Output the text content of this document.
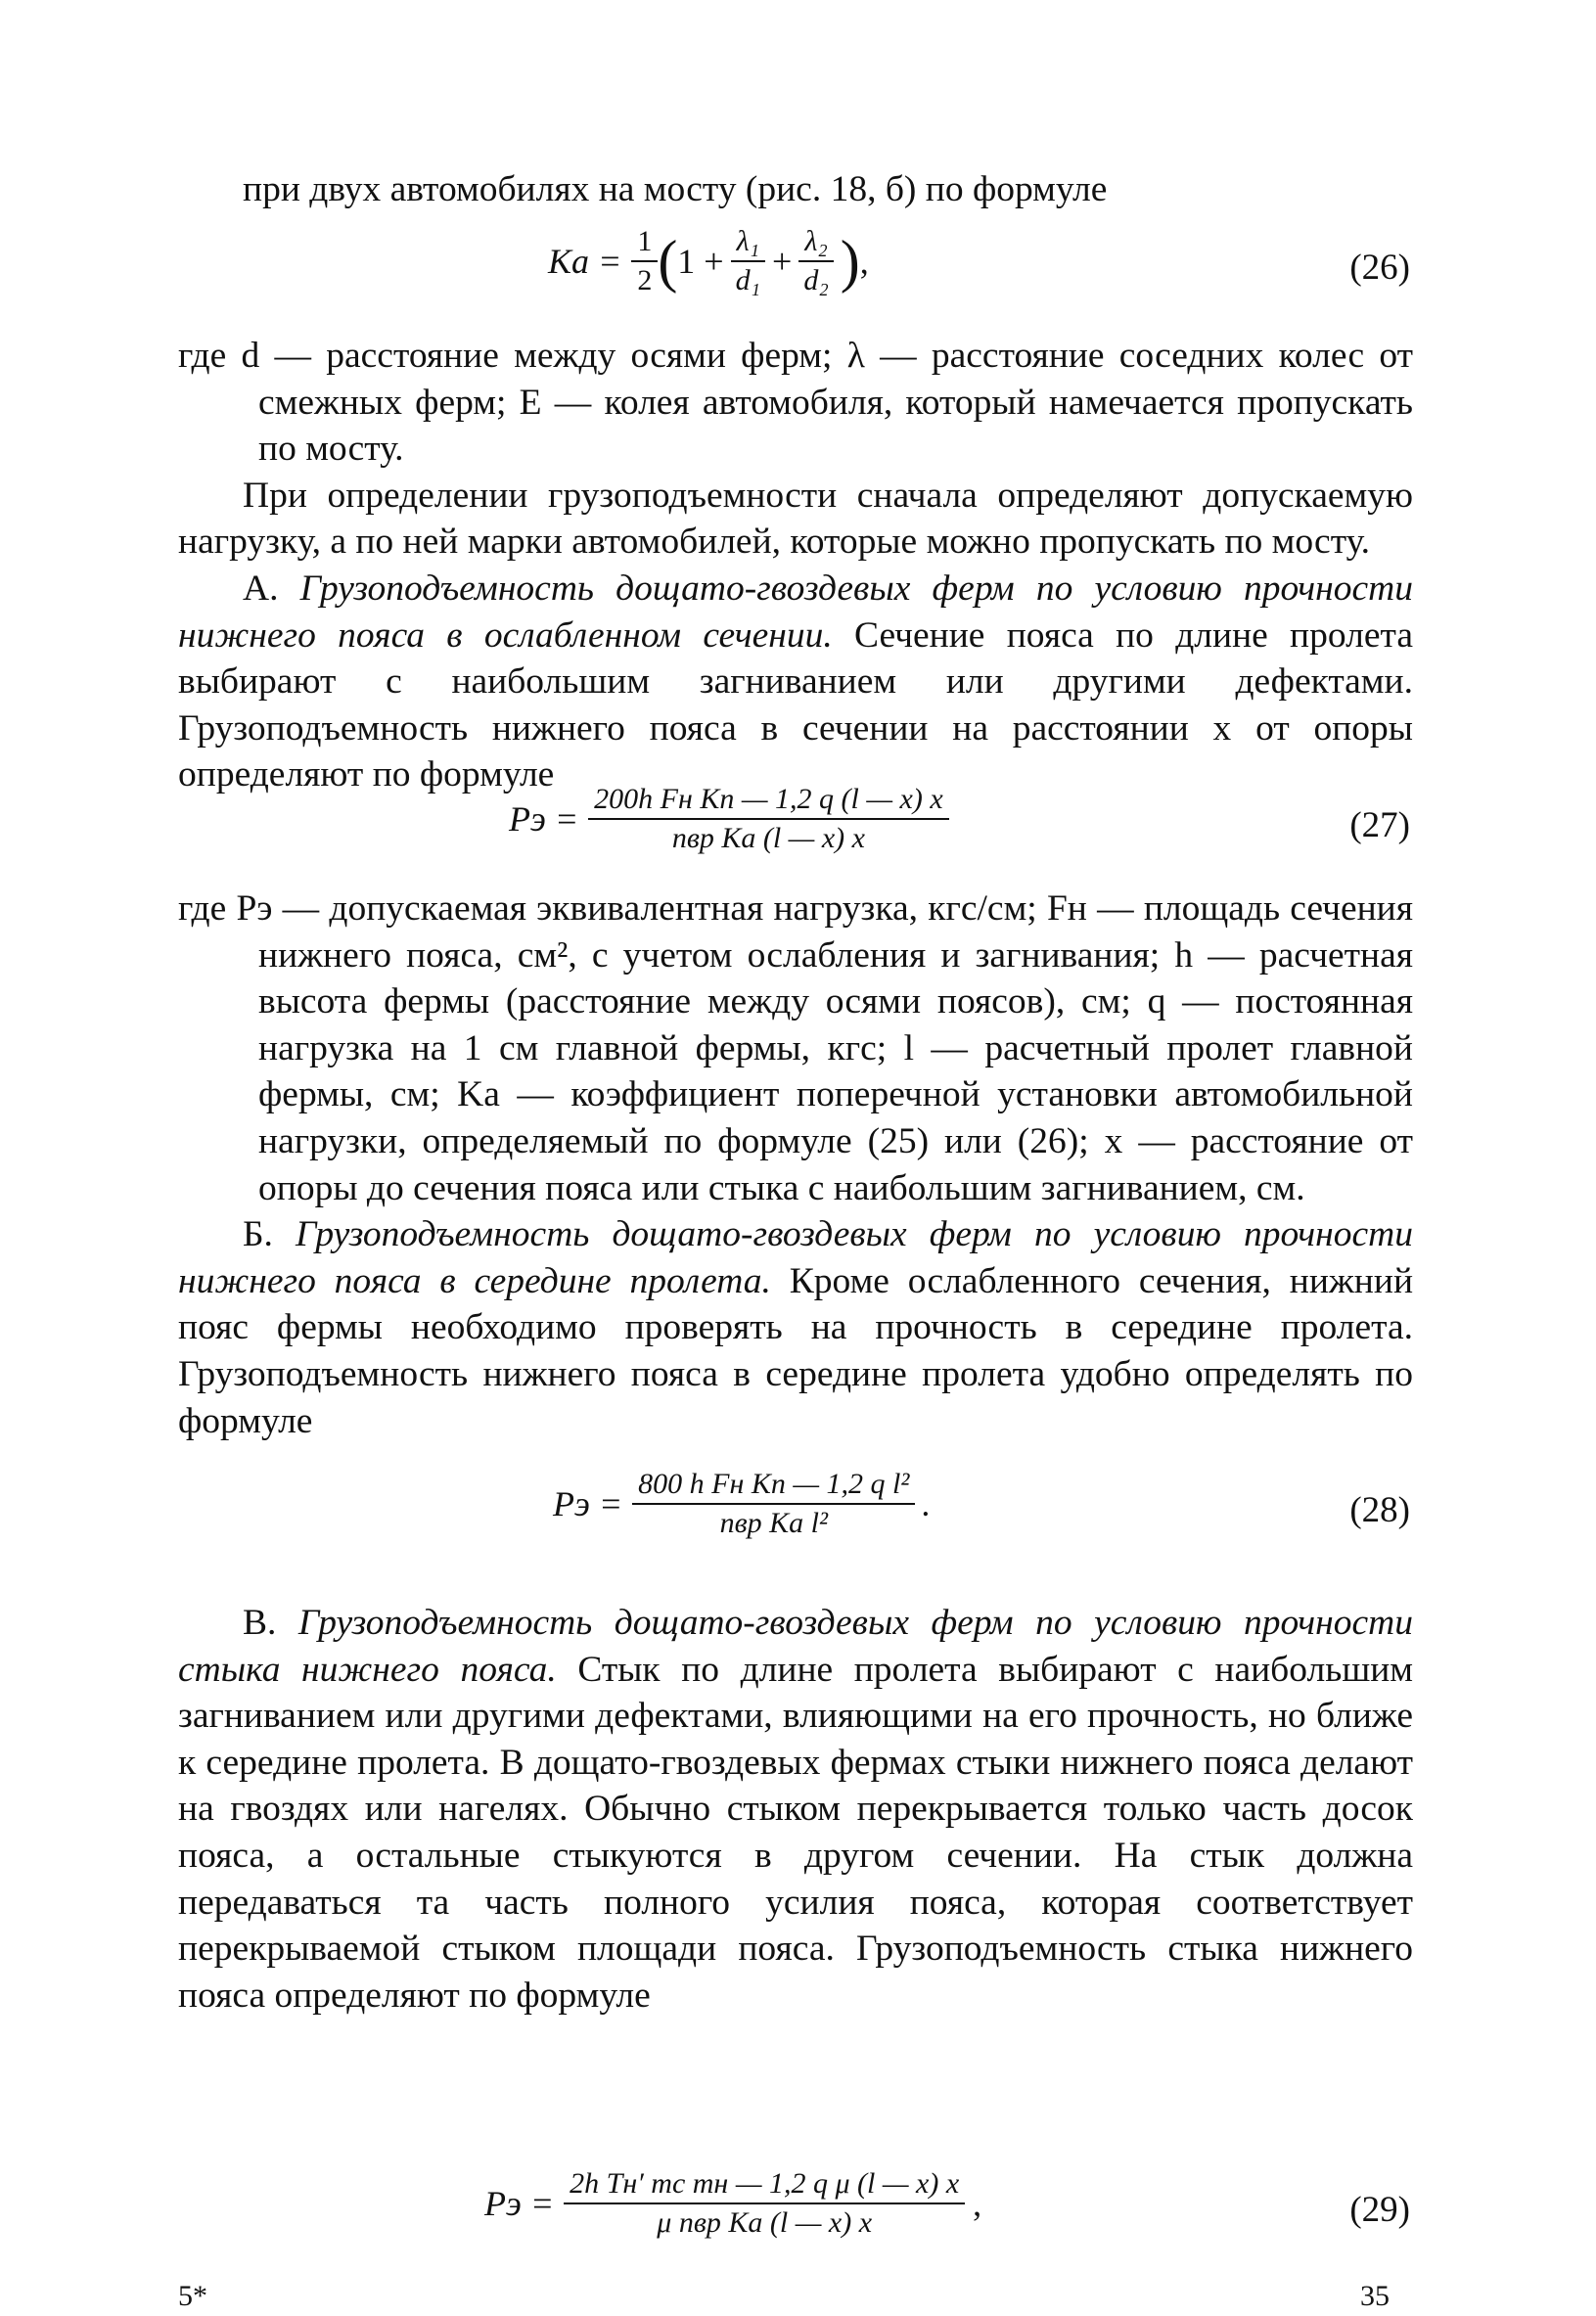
при двух автомобилях на мосту (рис. 18, б) по формуле

Kа = $\frac{1}{2}$ ( $1 + \frac{\text{λ₁}}{\text{d₁}} + \frac{\text{λ₂}}{\text{d₂}}$ ) ,	(26)

где d — расстояние между осями ферм; λ — расстояние соседних колес от смежных ферм; Е — колея автомобиля, который намечается пропускать по мосту.

При определении грузоподъемности сначала определяют допускаемую нагрузку, а по ней марки автомобилей, которые можно пропускать по мосту.

А. Грузоподъемность дощато-гвоздевых ферм по условию прочности нижнего пояса в ослабленном сечении. Сечение пояса по длине пролета выбирают с наибольшим загниванием или другими дефектами. Грузоподъемность нижнего пояса в сечении на расстоянии x от опоры определяют по формуле

Pэ = $\frac{\text{200h Fн Kп — 1,2 q (l — x) x}}{\text{nвр Kа (l — x) x}}$	(27)

где Pэ — допускаемая эквивалентная нагрузка, кгс/см; Fн — площадь сечения нижнего пояса, см², с учетом ослабления и загнивания; h — расчетная высота фермы (расстояние между осями поясов), см; q — постоянная нагрузка на 1 см главной фермы, кгс; l — расчетный пролет главной фермы, см; Kа — коэффициент поперечной установки автомобильной нагрузки, определяемый по формуле (25) или (26); x — расстояние от опоры до сечения пояса или стыка с наибольшим загниванием, см.

Б. Грузоподъемность дощато-гвоздевых ферм по условию прочности нижнего пояса в середине пролета. Кроме ослабленного сечения, нижний пояс фермы необходимо проверять на прочность в середине пролета. Грузоподъемность нижнего пояса в середине пролета удобно определять по формуле

Pэ = $\frac{\text{800 h Fн Kп — 1,2 q l²}}{\text{nвр Kа l²}}$ .	(28)

В. Грузоподъемность дощато-гвоздевых ферм по условию прочности стыка нижнего пояса. Стык по длине пролета выбирают с наибольшим загниванием или другими дефектами, влияющими на его прочность, но ближе к середине пролета. В дощато-гвоздевых фермах стыки нижнего пояса делают на гвоздях или нагелях. Обычно стыком перекрывается только часть досок пояса, а остальные стыкуются в другом сечении. На стык должна передаваться та часть полного усилия пояса, которая соответствует перекрываемой стыком площади пояса. Грузоподъемность стыка нижнего пояса определяют по формуле

Pэ = $\frac{\text{2h Tн′ mс mн — 1,2 q μ (l — x) x}}{\text{μ nвр Kа (l — x) x}}$ ,	(29)
5*	35
